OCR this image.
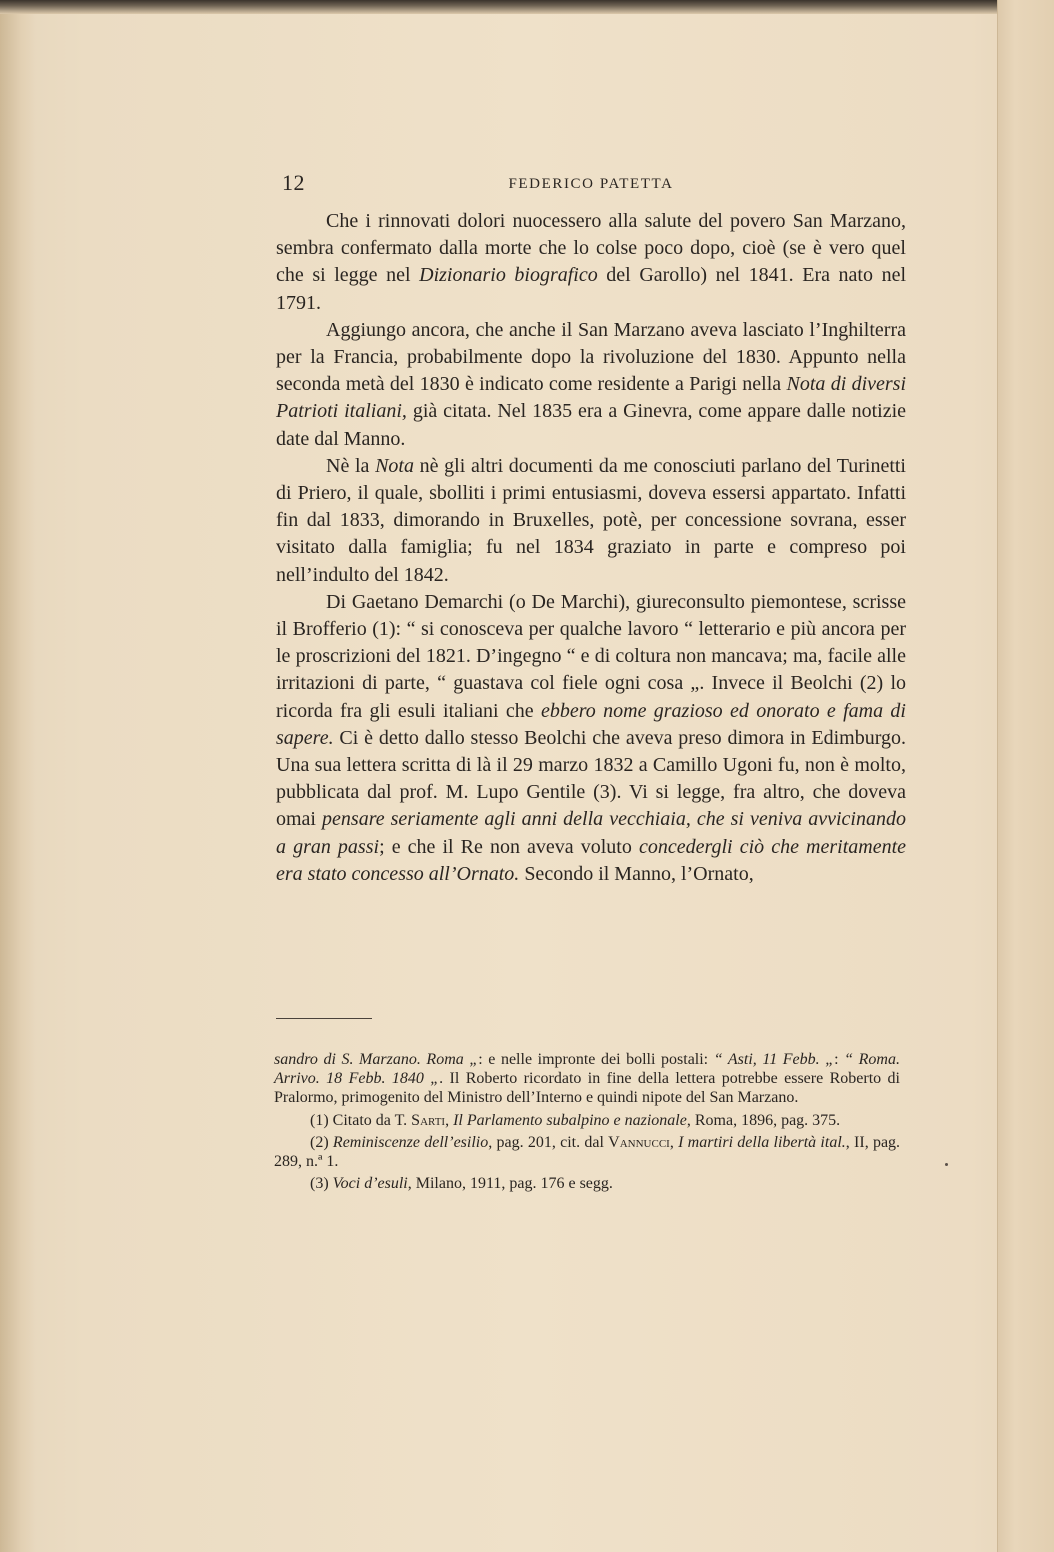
12	FEDERICO PATETTA

Che i rinnovati dolori nuocessero alla salute del povero San Marzano, sembra confermato dalla morte che lo colse poco dopo, cioè (se è vero quel che si legge nel Dizionario biografico del Garollo) nel 1841. Era nato nel 1791.

Aggiungo ancora, che anche il San Marzano aveva lasciato l’Inghilterra per la Francia, probabilmente dopo la rivoluzione del 1830. Appunto nella seconda metà del 1830 è indicato come residente a Parigi nella Nota di diversi Patrioti italiani, già citata. Nel 1835 era a Ginevra, come appare dalle notizie date dal Manno.

Nè la Nota nè gli altri documenti da me conosciuti parlano del Turinetti di Priero, il quale, sbolliti i primi entusiasmi, doveva essersi appartato. Infatti fin dal 1833, dimorando in Bruxelles, potè, per concessione sovrana, esser visitato dalla famiglia; fu nel 1834 graziato in parte e compreso poi nell’indulto del 1842.

Di Gaetano Demarchi (o De Marchi), giureconsulto piemontese, scrisse il Brofferio (1): “ si conosceva per qualche lavoro “ letterario e più ancora per le proscrizioni del 1821. D’ingegno “ e di coltura non mancava; ma, facile alle irritazioni di parte, “ guastava col fiele ogni cosa „. Invece il Beolchi (2) lo ricorda fra gli esuli italiani che ebbero nome grazioso ed onorato e fama di sapere. Ci è detto dallo stesso Beolchi che aveva preso dimora in Edimburgo. Una sua lettera scritta di là il 29 marzo 1832 a Camillo Ugoni fu, non è molto, pubblicata dal prof. M. Lupo Gentile (3). Vi si legge, fra altro, che doveva omai pensare seriamente agli anni della vecchiaia, che si veniva avvicinando a gran passi; e che il Re non aveva voluto concedergli ciò che meritamente era stato concesso all’Ornato. Secondo il Manno, l’Ornato,

sandro di S. Marzano. Roma „: e nelle impronte dei bolli postali: “ Asti, 11 Febb. „: “ Roma. Arrivo. 18 Febb. 1840 „. Il Roberto ricordato in fine della lettera potrebbe essere Roberto di Pralormo, primogenito del Ministro dell’Interno e quindi nipote del San Marzano.

(1) Citato da T. Sarti, Il Parlamento subalpino e nazionale, Roma, 1896, pag. 375.

(2) Reminiscenze dell’esilio, pag. 201, cit. dal Vannucci, I martiri della libertà ital., II, pag. 289, n.ª 1.

(3) Voci d’esuli, Milano, 1911, pag. 176 e segg.
